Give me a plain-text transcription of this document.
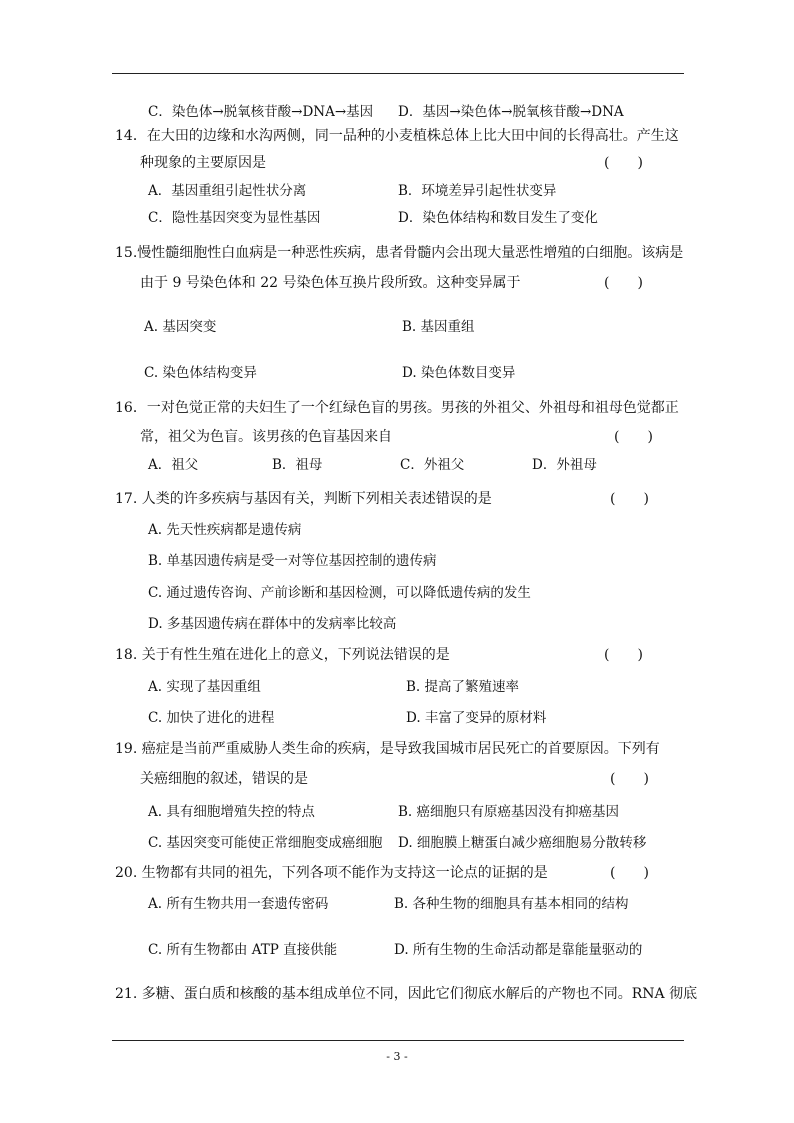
C．染色体→脱氧核苷酸→DNA→基因 D．基因→染色体→脱氧核苷酸→DNA
14．在大田的边缘和水沟两侧，同一品种的小麦植株总体上比大田中间的长得高壮。产生这
种现象的主要原因是	(　　)
A．基因重组引起性状分离	B．环境差异引起性状变异
C．隐性基因突变为显性基因	D．染色体结构和数目发生了变化
15.慢性髓细胞性白血病是一种恶性疾病，患者骨髓内会出现大量恶性增殖的白细胞。该病是
由于 9 号染色体和 22 号染色体互换片段所致。这种变异属于	(　　)
A. 基因突变	B. 基因重组
C. 染色体结构变异	D. 染色体数目变异
16．一对色觉正常的夫妇生了一个红绿色盲的男孩。男孩的外祖父、外祖母和祖母色觉都正
常，祖父为色盲。该男孩的色盲基因来自	(　　)
A．祖父	B．祖母	C．外祖父	D．外祖母
17. 人类的许多疾病与基因有关，判断下列相关表述错误的是	(　　)
A. 先天性疾病都是遗传病
B. 单基因遗传病是受一对等位基因控制的遗传病
C. 通过遗传咨询、产前诊断和基因检测，可以降低遗传病的发生
D. 多基因遗传病在群体中的发病率比较高
18. 关于有性生殖在进化上的意义，下列说法错误的是	(　　)
A. 实现了基因重组	B. 提高了繁殖速率
C. 加快了进化的进程	D. 丰富了变异的原材料
19. 癌症是当前严重威胁人类生命的疾病，是导致我国城市居民死亡的首要原因。下列有
关癌细胞的叙述，错误的是	(　　)
A. 具有细胞增殖失控的特点	B. 癌细胞只有原癌基因没有抑癌基因
C. 基因突变可能使正常细胞变成癌细胞 D. 细胞膜上糖蛋白减少癌细胞易分散转移
20. 生物都有共同的祖先，下列各项不能作为支持这一论点的证据的是	(　　)
A. 所有生物共用一套遗传密码	B. 各种生物的细胞具有基本相同的结构
C. 所有生物都由 ATP 直接供能	D. 所有生物的生命活动都是靠能量驱动的
21. 多糖、蛋白质和核酸的基本组成单位不同，因此它们彻底水解后的产物也不同。RNA 彻底
- 3 -
